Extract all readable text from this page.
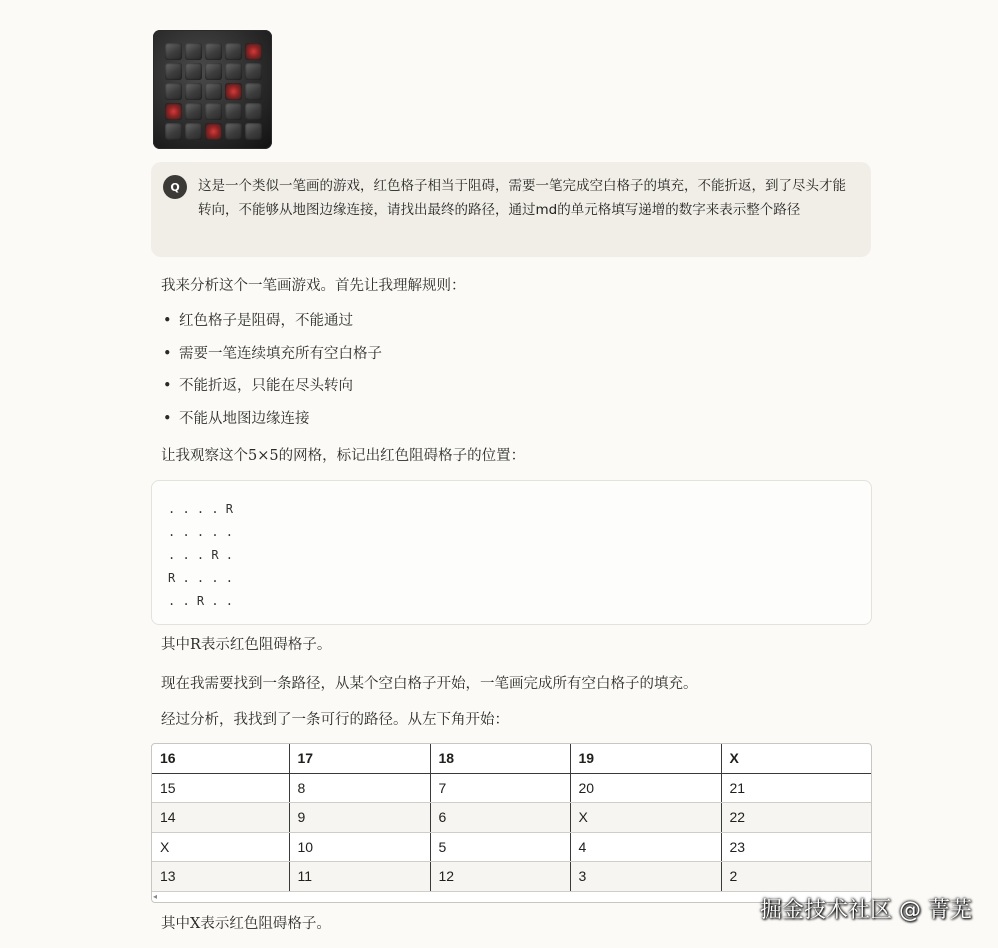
Q	这是一个类似一笔画的游戏，红色格子相当于阻碍，需要一笔完成空白格子的填充，不能折返，到了尽头才能转向，不能够从地图边缘连接，请找出最终的路径，通过md的单元格填写递增的数字来表示整个路径
我来分析这个一笔画游戏。首先让我理解规则：
• 红色格子是阻碍，不能通过
• 需要一笔连续填充所有空白格子
• 不能折返，只能在尽头转向
• 不能从地图边缘连接
让我观察这个5×5的网格，标记出红色阻碍格子的位置：
. . . . R
. . . . .
. . . R .
R . . . .
. . R . .
其中R表示红色阻碍格子。
现在我需要找到一条路径，从某个空白格子开始，一笔画完成所有空白格子的填充。
经过分析，我找到了一条可行的路径。从左下角开始：
16	17	18	19	X
15	8	7	20	21
14	9	6	X	22
X	10	5	4	23
13	11	12	3	2
◂
其中X表示红色阻碍格子。
掘金技术社区 @ 菁芜
